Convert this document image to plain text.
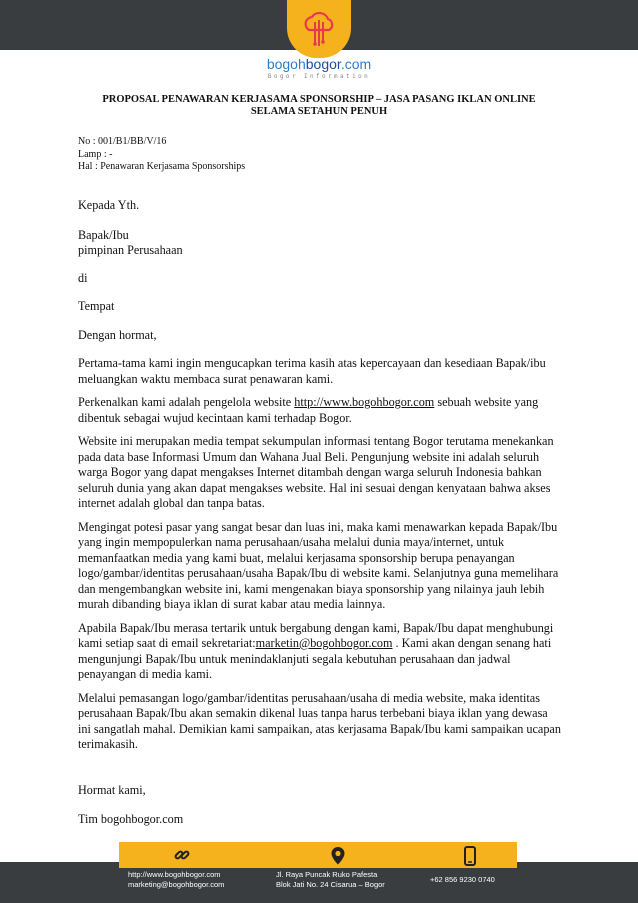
bogohbogor.com
Bogor Information
PROPOSAL PENAWARAN KERJASAMA SPONSORSHIP – JASA PASANG IKLAN ONLINE
SELAMA SETAHUN PENUH
No : 001/B1/BB/V/16
Lamp : -
Hal : Penawaran Kerjasama Sponsorships

Kepada Yth.

Bapak/Ibu

pimpinan Perusahaan

di

Tempat

Dengan hormat,

Pertama-tama kami ingin mengucapkan terima kasih atas kepercayaan dan kesediaan Bapak/ibu meluangkan waktu membaca surat penawaran kami.

Perkenalkan kami adalah pengelola website http://www.bogohbogor.com sebuah website yang dibentuk sebagai wujud kecintaan kami terhadap Bogor.

Website ini merupakan media tempat sekumpulan informasi tentang Bogor terutama menekankan pada data base Informasi Umum dan Wahana Jual Beli. Pengunjung website ini adalah seluruh warga Bogor yang dapat mengakses Internet ditambah dengan warga seluruh Indonesia bahkan seluruh dunia yang akan dapat mengakses website. Hal ini sesuai dengan kenyataan bahwa akses internet adalah global dan tanpa batas.

Mengingat potesi pasar yang sangat besar dan luas ini, maka kami menawarkan kepada Bapak/Ibu yang ingin mempopulerkan nama perusahaan/usaha melalui dunia maya/internet, untuk memanfaatkan media yang kami buat, melalui kerjasama sponsorship berupa penayangan logo/gambar/identitas perusahaan/usaha Bapak/Ibu di website kami. Selanjutnya guna memelihara dan mengembangkan website ini, kami mengenakan biaya sponsorship yang nilainya jauh lebih murah dibanding biaya iklan di surat kabar atau media lainnya.

Apabila Bapak/Ibu merasa tertarik untuk bergabung dengan kami, Bapak/Ibu dapat menghubungi kami setiap saat di email sekretariat:marketin@bogohbogor.com . Kami akan dengan senang hati mengunjungi Bapak/Ibu untuk menindaklanjuti segala kebutuhan perusahaan dan jadwal penayangan di media kami.

Melalui pemasangan logo/gambar/identitas perusahaan/usaha di media website, maka identitas perusahaan Bapak/Ibu akan semakin dikenal luas tanpa harus terbebani biaya iklan yang dewasa ini sangatlah mahal. Demikian kami sampaikan, atas kerjasama Bapak/Ibu kami sampaikan ucapan terimakasih.

Hormat kami,

Tim bogohbogor.com

http://www.bogohbogor.com
marketing@bogohbogor.com
Jl. Raya Puncak Ruko Pafesta
Blok Jati No. 24 Cisarua – Bogor	+62 856 9230 0740
